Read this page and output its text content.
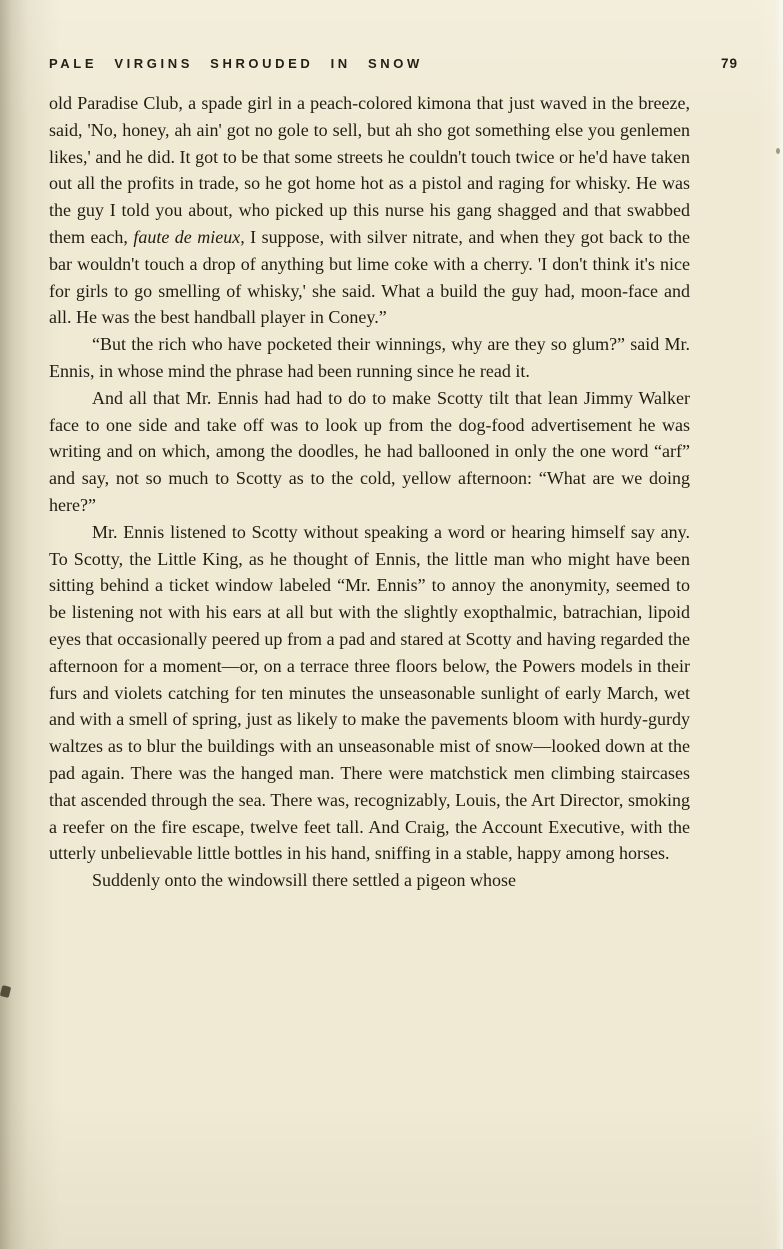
PALE VIRGINS SHROUDED IN SNOW	79

old Paradise Club, a spade girl in a peach-colored kimona that just waved in the breeze, said, 'No, honey, ah ain' got no gole to sell, but ah sho got something else you genlemen likes,' and he did. It got to be that some streets he couldn't touch twice or he'd have taken out all the profits in trade, so he got home hot as a pistol and raging for whisky. He was the guy I told you about, who picked up this nurse his gang shagged and that swabbed them each, faute de mieux, I suppose, with silver nitrate, and when they got back to the bar wouldn't touch a drop of anything but lime coke with a cherry. 'I don't think it's nice for girls to go smelling of whisky,' she said. What a build the guy had, moon-face and all. He was the best handball player in Coney.”

“But the rich who have pocketed their winnings, why are they so glum?” said Mr. Ennis, in whose mind the phrase had been running since he read it.

And all that Mr. Ennis had had to do to make Scotty tilt that lean Jimmy Walker face to one side and take off was to look up from the dog-food advertisement he was writing and on which, among the doodles, he had ballooned in only the one word “arf” and say, not so much to Scotty as to the cold, yellow afternoon: “What are we doing here?”

Mr. Ennis listened to Scotty without speaking a word or hearing himself say any. To Scotty, the Little King, as he thought of Ennis, the little man who might have been sitting behind a ticket window labeled “Mr. Ennis” to annoy the anonymity, seemed to be listening not with his ears at all but with the slightly exopthalmic, batrachian, lipoid eyes that occasionally peered up from a pad and stared at Scotty and having regarded the afternoon for a moment—or, on a terrace three floors below, the Powers models in their furs and violets catching for ten minutes the unseasonable sunlight of early March, wet and with a smell of spring, just as likely to make the pavements bloom with hurdy-gurdy waltzes as to blur the buildings with an unseasonable mist of snow—looked down at the pad again. There was the hanged man. There were matchstick men climbing staircases that ascended through the sea. There was, recognizably, Louis, the Art Director, smoking a reefer on the fire escape, twelve feet tall. And Craig, the Account Executive, with the utterly unbelievable little bottles in his hand, sniffing in a stable, happy among horses.

Suddenly onto the windowsill there settled a pigeon whose
